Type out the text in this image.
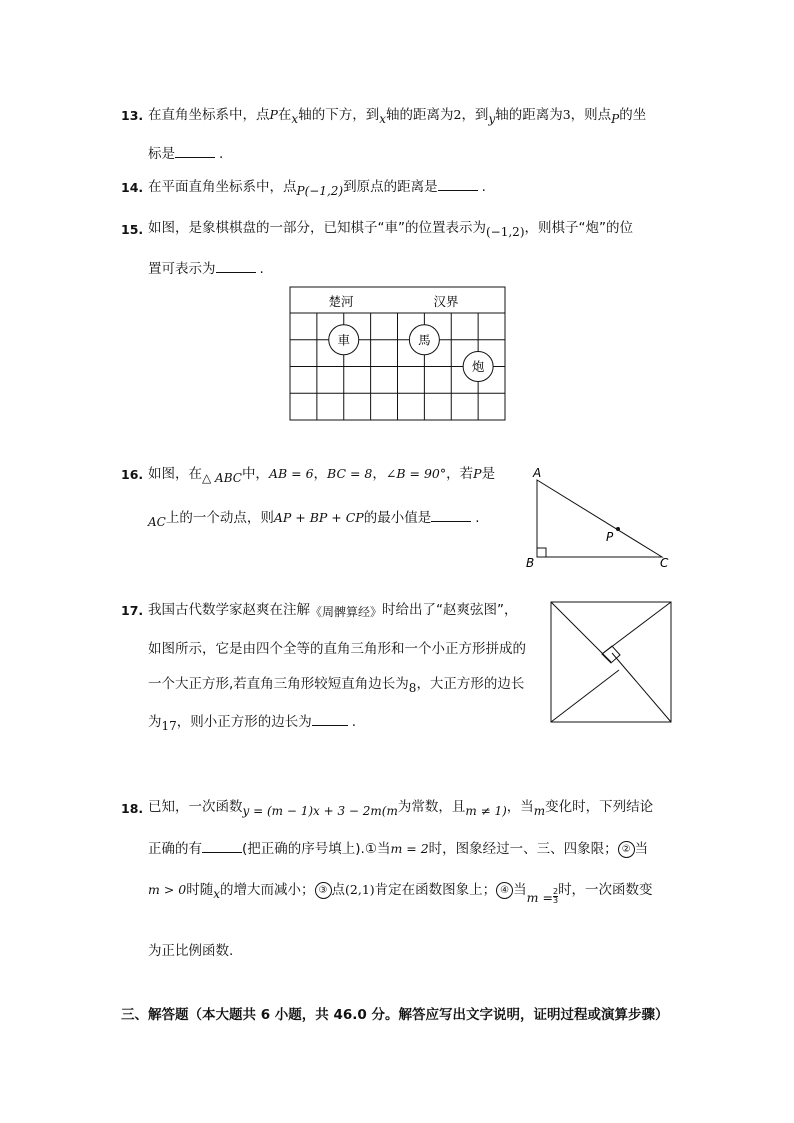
13. 在直角坐标系中，点P在x轴的下方，到x轴的距离为2，到y轴的距离为3，则点P的坐
标是	.
14. 在平面直角坐标系中，点P(−1,2)到原点的距离是	.
15. 如图，是象棋棋盘的一部分，已知棋子“車”的位置表示为(−1,2)，则棋子“炮”的位
置可表示为	.
車	馬
炮
楚河	汉界
16. 如图，在△ ABC中，AB = 6，BC = 8，∠B = 90°，若P是
AC上的一个动点，则AP + BP + CP的最小值是	.
A
B	C
P
17. 我国古代数学家赵爽在注解《周髀算经》时给出了“赵爽弦图”，
如图所示，它是由四个全等的直角三角形和一个小正方形拼成的
一个大正方形,若直角三角形较短直角边长为8，大正方形的边长
为17，则小正方形的边长为	.
18. 已知，一次函数y = (m − 1)x + 3 − 2m(m为常数，且m ≠ 1)，当m变化时，下列结论
正确的有	(把正确的序号填上).①当m = 2时，图象经过一、三、四象限； ② 当
m > 0时随x的增大而减小； ③ 点(2,1)肯定在函数图象上； ④ 当$m = \frac{2}{3}$ 时，一次函数变
为正比例函数.
三、解答题（本大题共 6 小题，共 46.0 分。解答应写出文字说明，证明过程或演算步骤）
